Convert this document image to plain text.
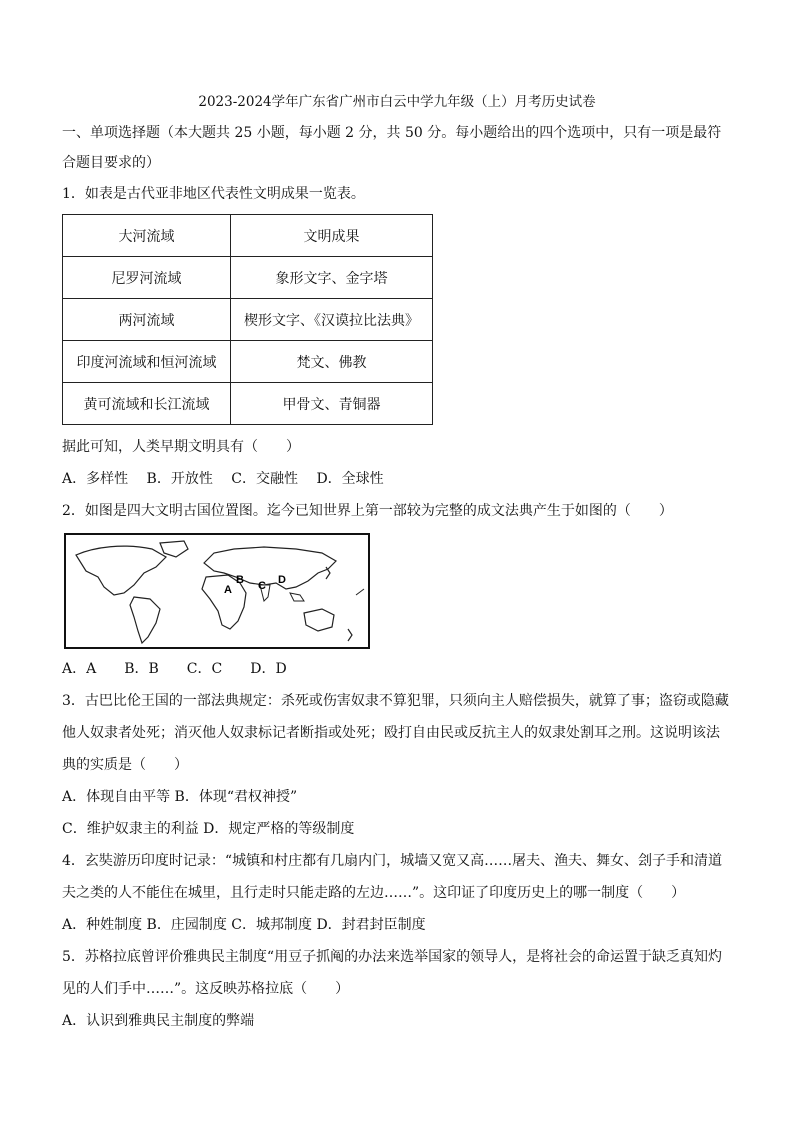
2023-2024学年广东省广州市白云中学九年级（上）月考历史试卷

一、单项选择题（本大题共 25 小题，每小题 2 分，共 50 分。每小题给出的四个选项中，只有一项是最符合题目要求的）

1．如表是古代亚非地区代表性文明成果一览表。

大河流域	文明成果
尼罗河流域	象形文字、金字塔
两河流域	楔形文字、《汉谟拉比法典》
印度河流域和恒河流域	梵文、佛教
黄可流域和长江流域	甲骨文、青铜器

据此可知，人类早期文明具有（　　）

A．多样性　 B．开放性　 C．交融性　 D．全球性

2．如图是四大文明古国位置图。迄今已知世界上第一部较为完整的成文法典产生于如图的（　　）

A
B C D

A．A　　B．B　　C．C　　D．D

3．古巴比伦王国的一部法典规定：杀死或伤害奴隶不算犯罪，只须向主人赔偿损失，就算了事；盗窃或隐藏他人奴隶者处死；消灭他人奴隶标记者断指或处死；殴打自由民或反抗主人的奴隶处割耳之刑。这说明该法典的实质是（　　）

A．体现自由平等 B．体现“君权神授”

C．维护奴隶主的利益 D．规定严格的等级制度

4．玄奘游历印度时记录：“城镇和村庄都有几扇内门，城墙又宽又高……屠夫、渔夫、舞女、刽子手和清道夫之类的人不能住在城里，且行走时只能走路的左边……”。这印证了印度历史上的哪一制度（　　）

A．种姓制度 B．庄园制度 C．城邦制度 D．封君封臣制度

5．苏格拉底曾评价雅典民主制度“用豆子抓阄的办法来选举国家的领导人，是将社会的命运置于缺乏真知灼见的人们手中……”。这反映苏格拉底（　　）

A．认识到雅典民主制度的弊端
